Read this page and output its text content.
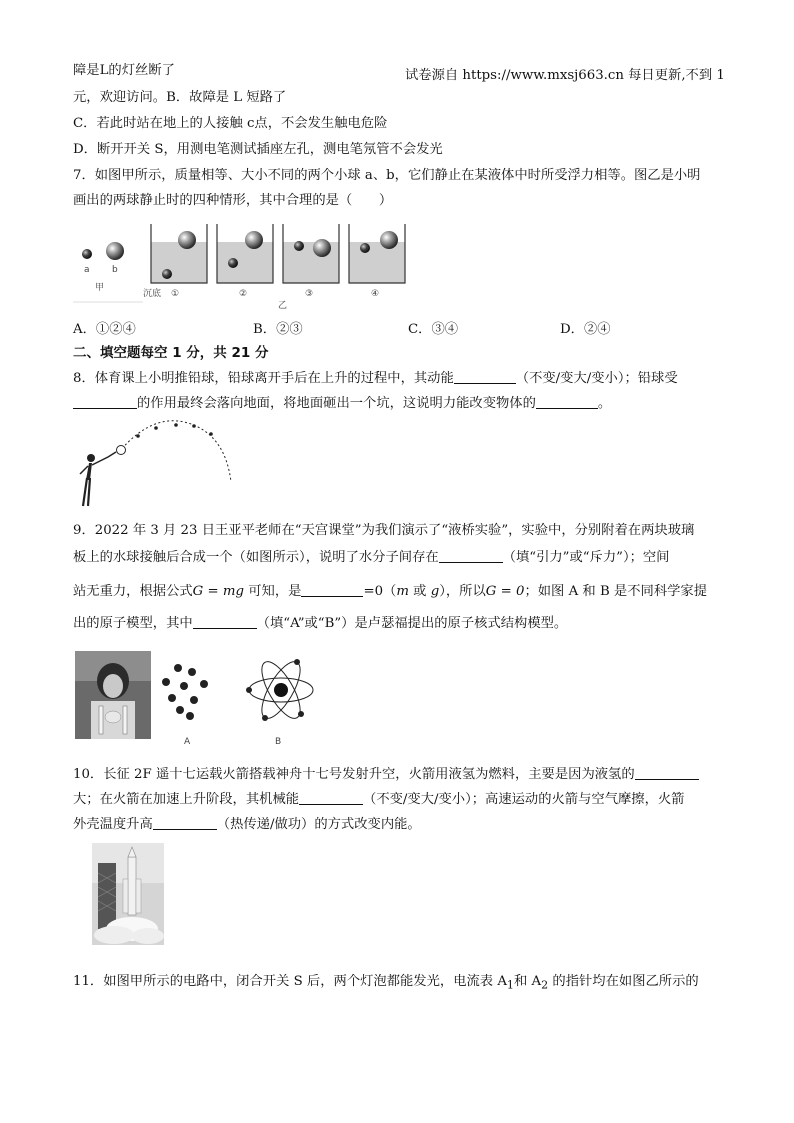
障是L的灯丝断了	试卷源自 https://www.mxsj663.cn 每日更新,不到 1
元，欢迎访问。B．故障是 L 短路了
C．若此时站在地上的人接触 c点，不会发生触电危险
D．断开开关 S，用测电笔测试插座左孔，测电笔氖管不会发光
7．如图甲所示，质量相等、大小不同的两个小球 a、b，它们静止在某液体中时所受浮力相等。图乙是小明
画出的两球静止时的四种情形，其中合理的是（　　）
a b
甲
沉底 ①	②	③	④
乙
A．①②④	B．②③	C．③④	D．②④
二、填空题每空 1 分，共 21 分
8．体育课上小明推铅球，铅球离开手后在上升的过程中，其动能	（不变/变大/变小）；铅球受
的作用最终会落向地面，将地面砸出一个坑，这说明力能改变物体的	。
9．2022 年 3 月 23 日王亚平老师在“天宫课堂”为我们演示了“液桥实验”，实验中，分别附着在两块玻璃
板上的水球接触后合成一个（如图所示），说明了水分子间存在	（填“引力”或“斥力”）；空间
站无重力，根据公式G = mg 可知，是	=0（m 或 g），所以G = 0；如图 A 和 B 是不同科学家提
出的原子模型，其中	（填“A”或“B”）是卢瑟福提出的原子核式结构模型。
A	B
10．长征 2F 遥十七运载火箭搭载神舟十七号发射升空，火箭用液氢为燃料，主要是因为液氢的
大；在火箭在加速上升阶段，其机械能	（不变/变大/变小）；高速运动的火箭与空气摩擦，火箭
外壳温度升高	（热传递/做功）的方式改变内能。
11．如图甲所示的电路中，闭合开关 S 后，两个灯泡都能发光，电流表 $A_1$和 $A_2$ 的指针均在如图乙所示的
